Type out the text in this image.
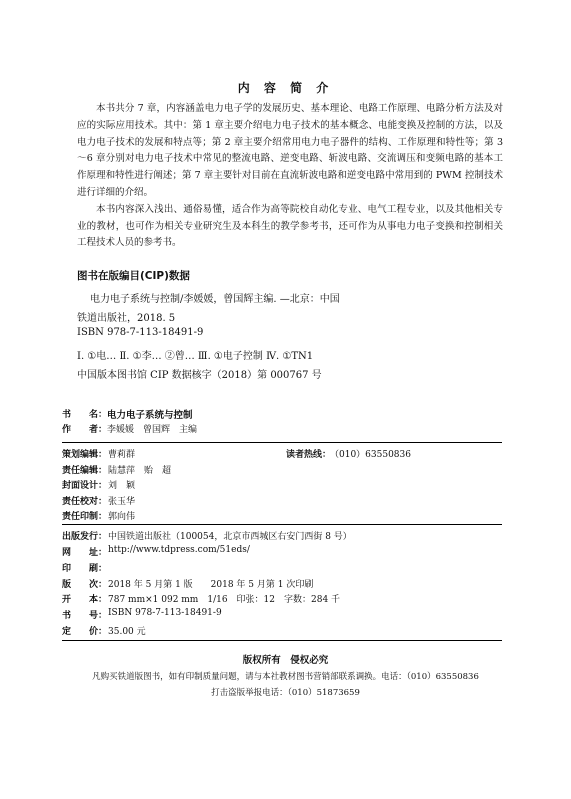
内 容 简 介

本书共分 7 章，内容涵盖电力电子学的发展历史、基本理论、电路工作原理、电路分析方法及对应的实际应用技术。其中：第 1 章主要介绍电力电子技术的基本概念、电能变换及控制的方法，以及电力电子技术的发展和特点等；第 2 章主要介绍常用电力电子器件的结构、工作原理和特性等；第 3～6 章分别对电力电子技术中常见的整流电路、逆变电路、斩波电路、交流调压和变频电路的基本工作原理和特性进行阐述；第 7 章主要针对目前在直流斩波电路和逆变电路中常用到的 PWM 控制技术进行详细的介绍。

本书内容深入浅出、通俗易懂，适合作为高等院校自动化专业、电气工程专业，以及其他相关专业的教材，也可作为相关专业研究生及本科生的教学参考书，还可作为从事电力电子变换和控制相关工程技术人员的参考书。

图书在版编目(CIP)数据
电力电子系统与控制/李媛媛，曾国辉主编. —北京：中国
铁道出版社，2018. 5
ISBN 978-7-113-18491-9
Ⅰ. ①电… Ⅱ. ①李… ②曾… Ⅲ. ①电子控制 Ⅳ. ①TN1
中国版本图书馆 CIP 数据核字（2018）第 000767 号
书　　名： 电力电子系统与控制
作　　者： 李媛媛　曾国辉　主编
策划编辑： 曹莉群	读者热线：
（010）63550836
责任编辑： 陆慧萍　贻　超
封面设计： 刘　颖
责任校对： 张玉华
责任印制： 郭向伟
出版发行： 中国铁道出版社（100054，北京市西城区右安门西街 8 号）
网　　址： http://www.tdpress.com/51eds/
印　　刷：
版　　次： 2018 年 5 月第 1 版　　2018 年 5 月第 1 次印刷
开　　本： 787 mm×1 092 mm　1/16　印张：12　字数：284 千
书　　号： ISBN 978-7-113-18491-9
定　　价： 35.00 元
版权所有　侵权必究
凡购买铁道版图书，如有印制质量问题，请与本社教材图书营销部联系调换。电话：（010）63550836
打击盗版举报电话：（010）51873659
